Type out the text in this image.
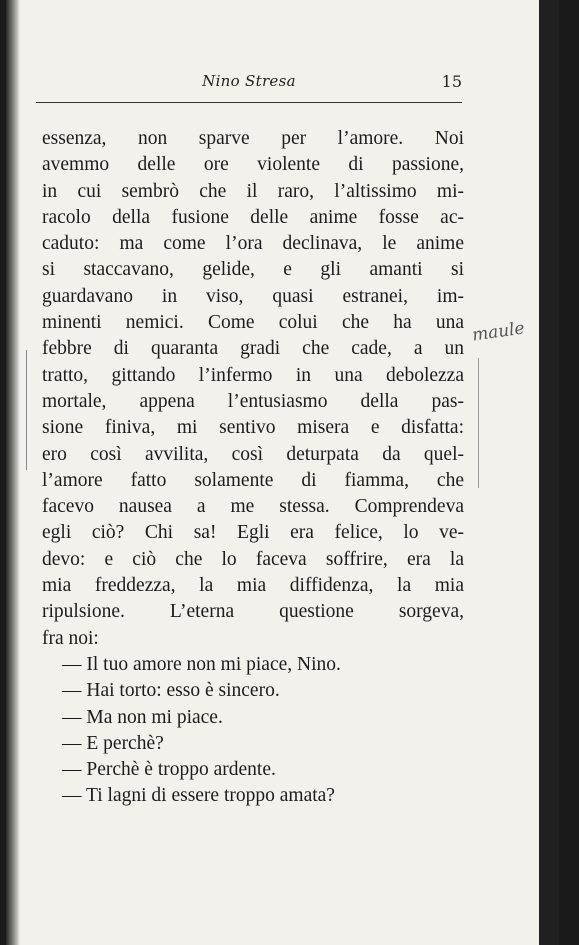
Nino Stresa	15
maule
essenza, non sparve per l’amore. Noi
avemmo delle ore violente di passione,
in cui sembrò che il raro, l’altissimo mi-
racolo della fusione delle anime fosse ac-
caduto: ma come l’ora declinava, le anime
si staccavano, gelide, e gli amanti si
guardavano in viso, quasi estranei, im-
minenti nemici. Come colui che ha una
febbre di quaranta gradi che cade, a un
tratto, gittando l’infermo in una debolezza
mortale, appena l’entusiasmo della pas-
sione finiva, mi sentivo misera e disfatta:
ero così avvilita, così deturpata da quel-
l’amore fatto solamente di fiamma, che
facevo nausea a me stessa. Comprendeva
egli ciò? Chi sa! Egli era felice, lo ve-
devo: e ciò che lo faceva soffrire, era la
mia freddezza, la mia diffidenza, la mia
ripulsione. L’eterna questione sorgeva,
fra noi:
— Il tuo amore non mi piace, Nino.
— Hai torto: esso è sincero.
— Ma non mi piace.
— E perchè?
— Perchè è troppo ardente.
— Ti lagni di essere troppo amata?
